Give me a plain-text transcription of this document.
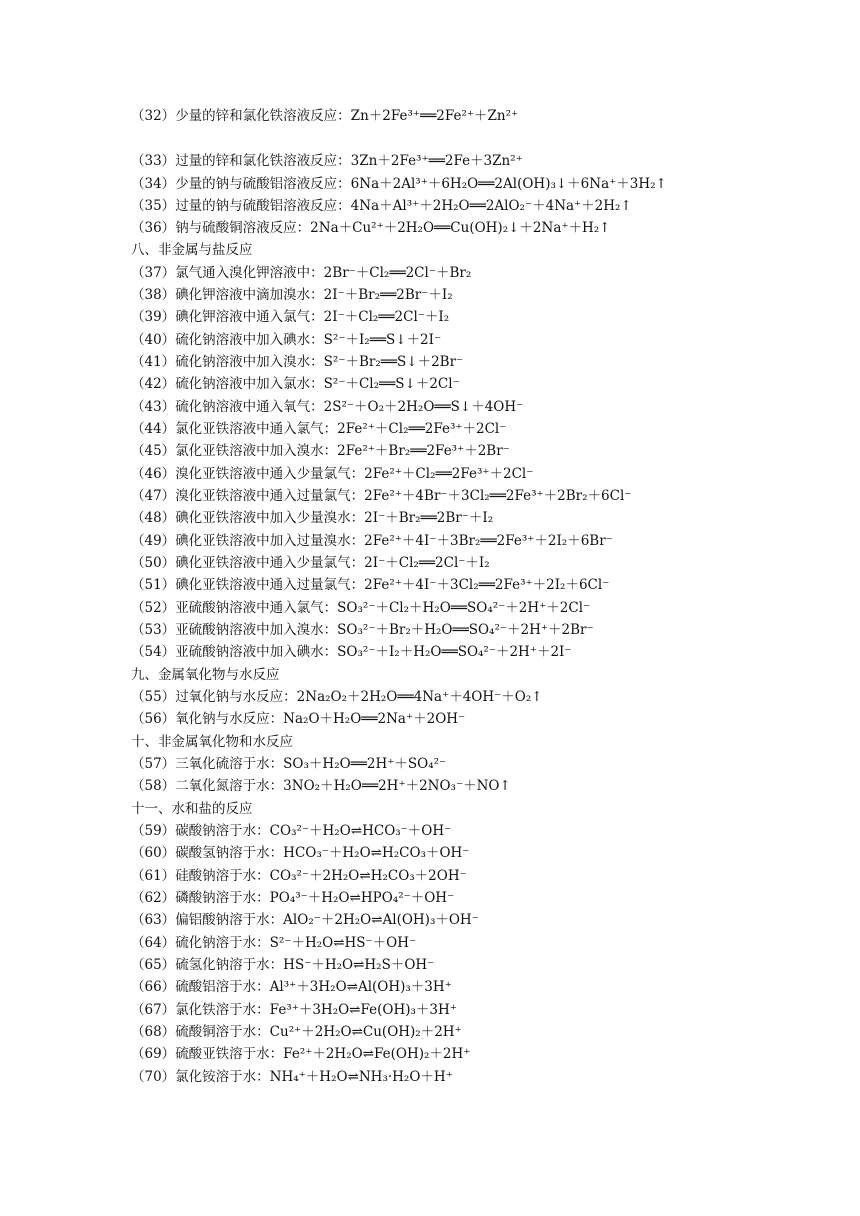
（32）少量的锌和氯化铁溶液反应：Zn＋2Fe³⁺══2Fe²⁺＋Zn²⁺
（33）过量的锌和氯化铁溶液反应：3Zn＋2Fe³⁺══2Fe＋3Zn²⁺
（34）少量的钠与硫酸铝溶液反应：6Na＋2Al³⁺＋6H₂O══2Al(OH)₃↓＋6Na⁺＋3H₂↑
（35）过量的钠与硫酸铝溶液反应：4Na＋Al³⁺＋2H₂O══2AlO₂⁻＋4Na⁺＋2H₂↑
（36）钠与硫酸铜溶液反应：2Na＋Cu²⁺＋2H₂O══Cu(OH)₂↓＋2Na⁺＋H₂↑
八、非金属与盐反应
（37）氯气通入溴化钾溶液中：2Br⁻＋Cl₂══2Cl⁻＋Br₂
（38）碘化钾溶液中滴加溴水：2I⁻＋Br₂══2Br⁻＋I₂
（39）碘化钾溶液中通入氯气：2I⁻＋Cl₂══2Cl⁻＋I₂
（40）硫化钠溶液中加入碘水：S²⁻＋I₂══S↓＋2I⁻
（41）硫化钠溶液中加入溴水：S²⁻＋Br₂══S↓＋2Br⁻
（42）硫化钠溶液中加入氯水：S²⁻＋Cl₂══S↓＋2Cl⁻
（43）硫化钠溶液中通入氧气：2S²⁻＋O₂＋2H₂O══S↓＋4OH⁻
（44）氯化亚铁溶液中通入氯气：2Fe²⁺＋Cl₂══2Fe³⁺＋2Cl⁻
（45）氯化亚铁溶液中加入溴水：2Fe²⁺＋Br₂══2Fe³⁺＋2Br⁻
（46）溴化亚铁溶液中通入少量氯气：2Fe²⁺＋Cl₂══2Fe³⁺＋2Cl⁻
（47）溴化亚铁溶液中通入过量氯气：2Fe²⁺＋4Br⁻＋3Cl₂══2Fe³⁺＋2Br₂＋6Cl⁻
（48）碘化亚铁溶液中加入少量溴水：2I⁻＋Br₂══2Br⁻＋I₂
（49）碘化亚铁溶液中加入过量溴水：2Fe²⁺＋4I⁻＋3Br₂══2Fe³⁺＋2I₂＋6Br⁻
（50）碘化亚铁溶液中通入少量氯气：2I⁻＋Cl₂══2Cl⁻＋I₂
（51）碘化亚铁溶液中通入过量氯气：2Fe²⁺＋4I⁻＋3Cl₂══2Fe³⁺＋2I₂＋6Cl⁻
（52）亚硫酸钠溶液中通入氯气：SO₃²⁻＋Cl₂＋H₂O══SO₄²⁻＋2H⁺＋2Cl⁻
（53）亚硫酸钠溶液中加入溴水：SO₃²⁻＋Br₂＋H₂O══SO₄²⁻＋2H⁺＋2Br⁻
（54）亚硫酸钠溶液中加入碘水：SO₃²⁻＋I₂＋H₂O══SO₄²⁻＋2H⁺＋2I⁻
九、金属氧化物与水反应
（55）过氧化钠与水反应：2Na₂O₂＋2H₂O══4Na⁺＋4OH⁻＋O₂↑
（56）氧化钠与水反应：Na₂O＋H₂O══2Na⁺＋2OH⁻
十、非金属氧化物和水反应
（57）三氧化硫溶于水：SO₃＋H₂O══2H⁺＋SO₄²⁻
（58）二氧化氮溶于水：3NO₂＋H₂O══2H⁺＋2NO₃⁻＋NO↑
十一、水和盐的反应
（59）碳酸钠溶于水：CO₃²⁻＋H₂O⇌HCO₃⁻＋OH⁻
（60）碳酸氢钠溶于水：HCO₃⁻＋H₂O⇌H₂CO₃＋OH⁻
（61）硅酸钠溶于水：CO₃²⁻＋2H₂O⇌H₂CO₃＋2OH⁻
（62）磷酸钠溶于水：PO₄³⁻＋H₂O⇌HPO₄²⁻＋OH⁻
（63）偏铝酸钠溶于水：AlO₂⁻＋2H₂O⇌Al(OH)₃＋OH⁻
（64）硫化钠溶于水：S²⁻＋H₂O⇌HS⁻＋OH⁻
（65）硫氢化钠溶于水：HS⁻＋H₂O⇌H₂S＋OH⁻
（66）硫酸铝溶于水：Al³⁺＋3H₂O⇌Al(OH)₃＋3H⁺
（67）氯化铁溶于水：Fe³⁺＋3H₂O⇌Fe(OH)₃＋3H⁺
（68）硫酸铜溶于水：Cu²⁺＋2H₂O⇌Cu(OH)₂＋2H⁺
（69）硫酸亚铁溶于水：Fe²⁺＋2H₂O⇌Fe(OH)₂＋2H⁺
（70）氯化铵溶于水：NH₄⁺＋H₂O⇌NH₃·H₂O＋H⁺
